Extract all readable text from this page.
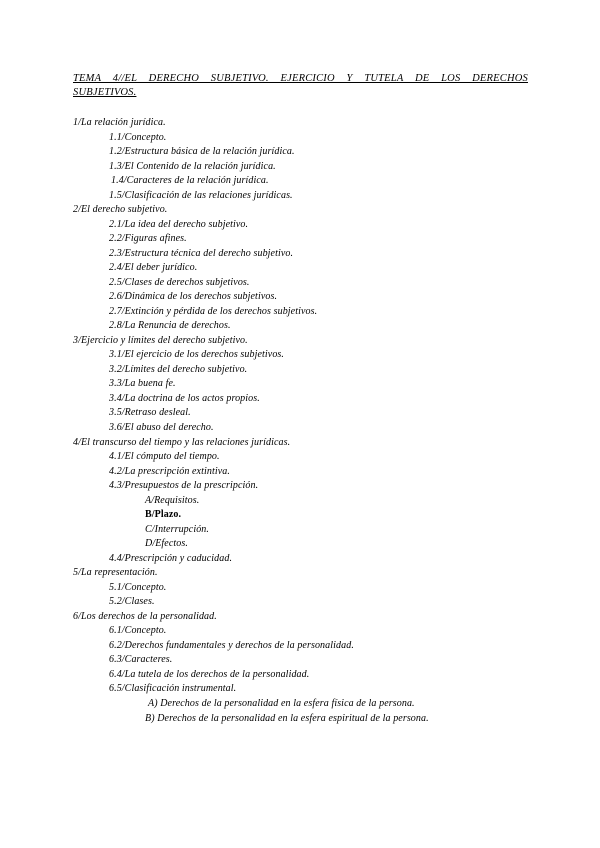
TEMA 4//EL DERECHO SUBJETIVO. EJERCICIO Y TUTELA DE LOS DERECHOS SUBJETIVOS.
1/La relación jurídica.
1.1/Concepto.
1.2/Estructura básica de la relación jurídica.
1.3/El Contenido de la relación jurídica.
1.4/Caracteres de la relación jurídica.
1.5/Clasificación de las relaciones jurídicas.
2/El derecho subjetivo.
2.1/La idea del derecho subjetivo.
2.2/Figuras afines.
2.3/Estructura técnica del derecho subjetivo.
2.4/El deber jurídico.
2.5/Clases de derechos subjetivos.
2.6/Dinámica de los derechos subjetivos.
2.7/Extinción y pérdida de los derechos subjetivos.
2.8/La Renuncia de derechos.
3/Ejercicio y límites del derecho subjetivo.
3.1/El ejercicio de los derechos subjetivos.
3.2/Límites del derecho subjetivo.
3.3/La buena fe.
3.4/La doctrina de los actos propios.
3.5/Retraso desleal.
3.6/El abuso del derecho.
4/El transcurso del tiempo y las relaciones jurídicas.
4.1/El cómputo del tiempo.
4.2/La prescripción extintiva.
4.3/Presupuestos de la prescripción.
A/Requisitos.
B/Plazo.
C/Interrupción.
D/Efectos.
4.4/Prescripción y caducidad.
5/La representación.
5.1/Concepto.
5.2/Clases.
6/Los derechos de la personalidad.
6.1/Concepto.
6.2/Derechos fundamentales y derechos de la personalidad.
6.3/Caracteres.
6.4/La tutela de los derechos de la personalidad.
6.5/Clasificación instrumental.
A) Derechos de la personalidad en la esfera física de la persona.
B) Derechos de la personalidad en la esfera espiritual de la persona.
